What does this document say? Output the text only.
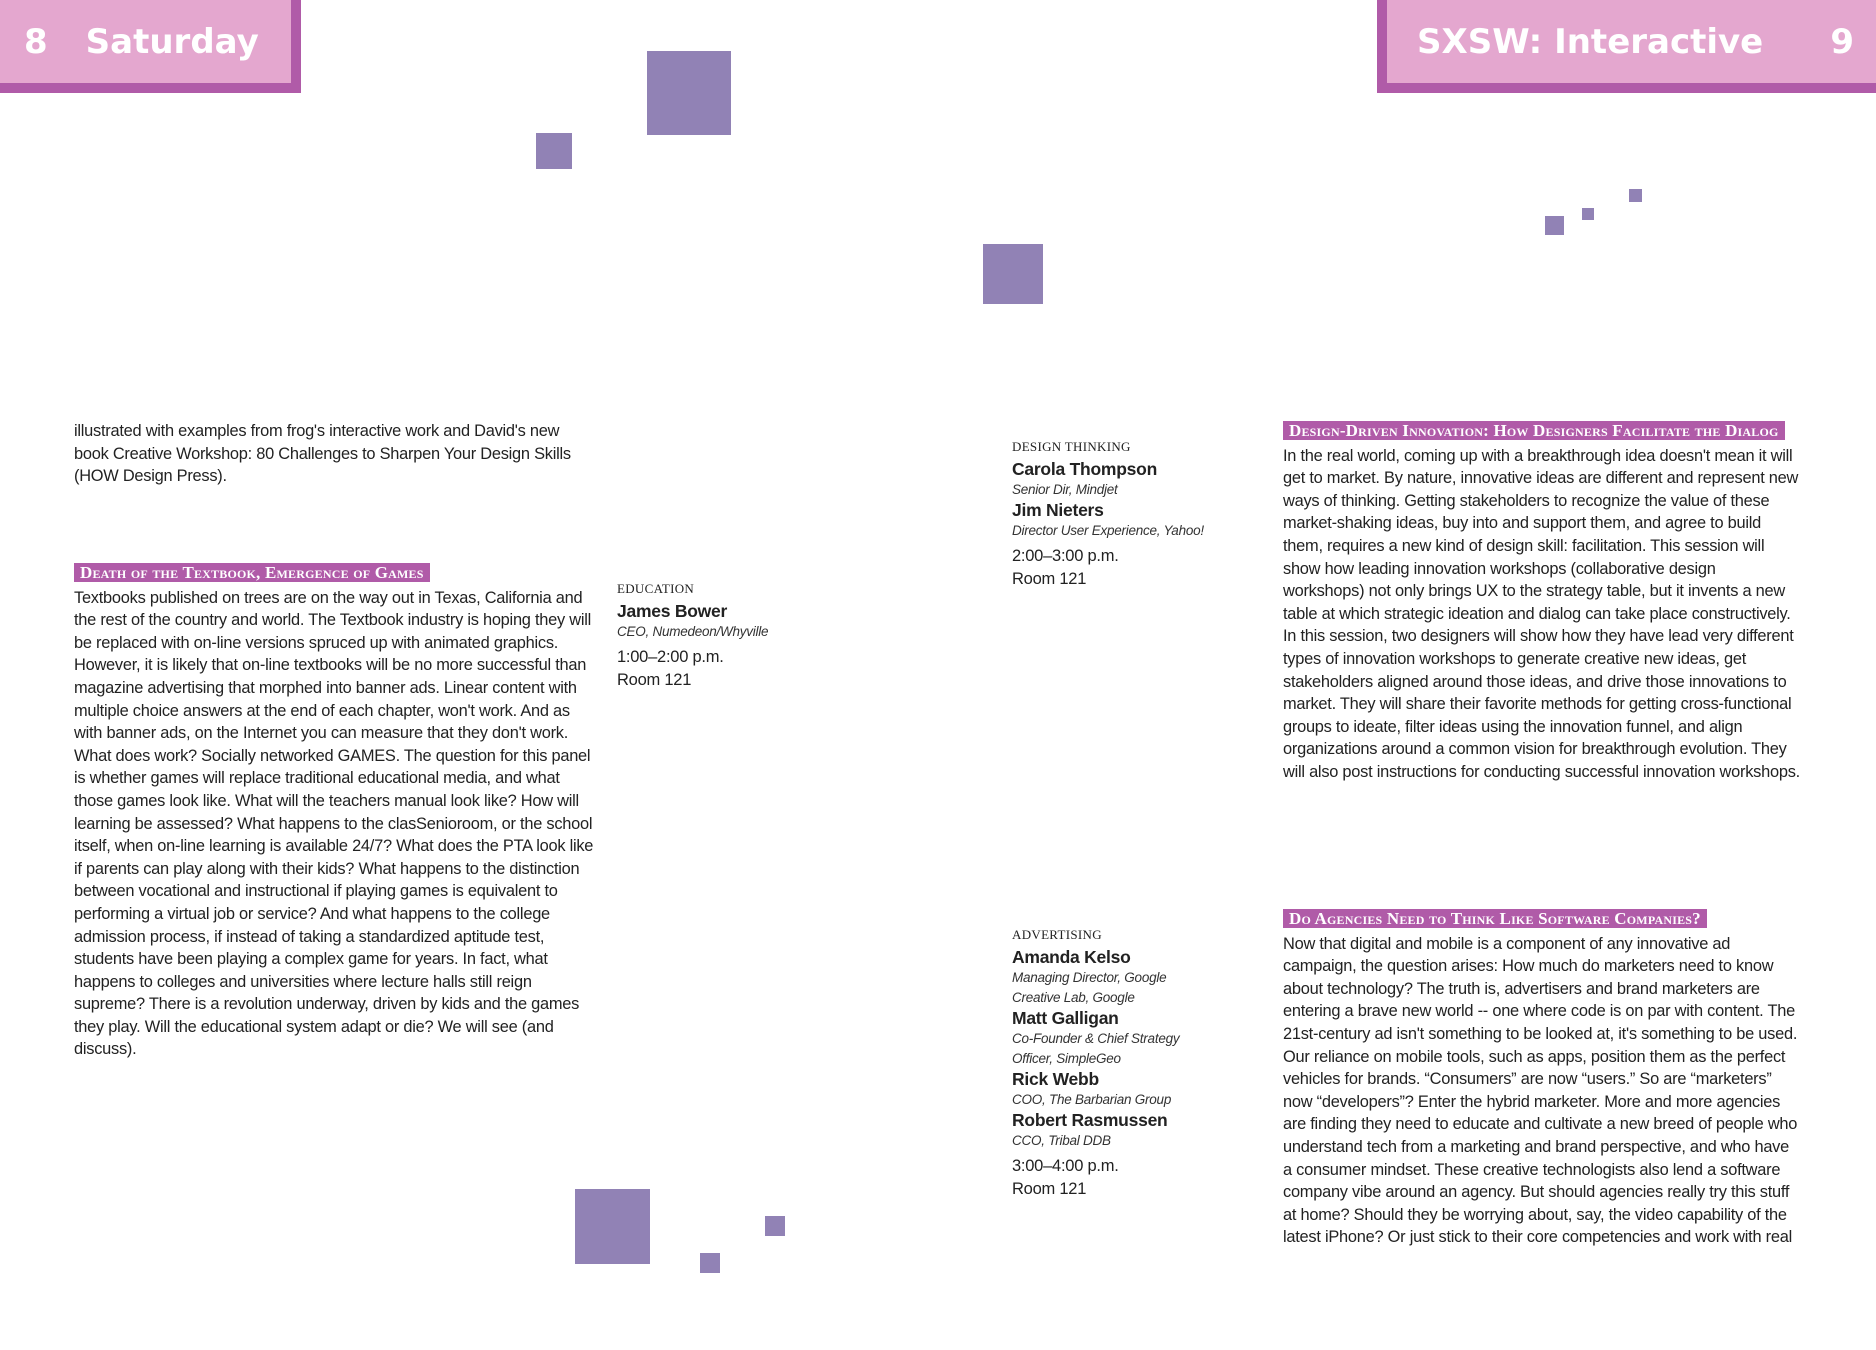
8 Saturday	SXSW: Interactive 9
illustrated with examples from frog's interactive work and David's new book Creative Workshop: 80 Challenges to Sharpen Your Design Skills (HOW Design Press).
Death of the Textbook, Emergence of Games
Textbooks published on trees are on the way out in Texas, California and the rest of the country and world. The Textbook industry is hoping they will be replaced with on-line versions spruced up with animated graphics. However, it is likely that on-line textbooks will be no more successful than magazine advertising that morphed into banner ads. Linear content with multiple choice answers at the end of each chapter, won't work. And as with banner ads, on the Internet you can measure that they don't work. What does work? Socially networked GAMES. The question for this panel is whether games will replace traditional educational media, and what those games look like. What will the teachers manual look like? How will learning be assessed? What happens to the clasSenioroom, or the school itself, when on-line learning is available 24/7? What does the PTA look like if parents can play along with their kids? What happens to the distinction between vocational and instructional if playing games is equivalent to performing a virtual job or service? And what happens to the college admission process, if instead of taking a standardized aptitude test, students have been playing a complex game for years. In fact, what happens to colleges and universities where lecture halls still reign supreme? There is a revolution underway, driven by kids and the games they play. Will the educational system adapt or die? We will see (and discuss).
EDUCATION
James Bower
CEO, Numedeon/Whyville
1:00–2:00 p.m.
Room 121
DESIGN THINKING
Carola Thompson
Senior Dir, Mindjet
Jim Nieters
Director User Experience, Yahoo!
2:00–3:00 p.m.
Room 121
Design-Driven Innovation: How Designers Facilitate the Dialog
In the real world, coming up with a breakthrough idea doesn't mean it will get to market. By nature, innovative ideas are different and represent new ways of thinking. Getting stakeholders to recognize the value of these market-shaking ideas, buy into and support them, and agree to build them, requires a new kind of design skill: facilitation. This session will show how leading innovation workshops (collaborative design workshops) not only brings UX to the strategy table, but it invents a new table at which strategic ideation and dialog can take place constructively. In this session, two designers will show how they have lead very different types of innovation workshops to generate creative new ideas, get stakeholders aligned around those ideas, and drive those innovations to market. They will share their favorite methods for getting cross-functional groups to ideate, filter ideas using the innovation funnel, and align organizations around a common vision for breakthrough evolution. They will also post instructions for conducting successful innovation workshops.
ADVERTISING
Amanda Kelso
Managing Director, Google Creative Lab, Google
Matt Galligan
Co-Founder & Chief Strategy Officer, SimpleGeo
Rick Webb
COO, The Barbarian Group
Robert Rasmussen
CCO, Tribal DDB
3:00–4:00 p.m.
Room 121
Do Agencies Need to Think Like Software Companies?
Now that digital and mobile is a component of any innovative ad campaign, the question arises: How much do marketers need to know about technology? The truth is, advertisers and brand marketers are entering a brave new world -- one where code is on par with content. The 21st-century ad isn't something to be looked at, it's something to be used. Our reliance on mobile tools, such as apps, position them as the perfect vehicles for brands. “Consumers” are now “users.” So are “marketers” now “developers”? Enter the hybrid marketer. More and more agencies are finding they need to educate and cultivate a new breed of people who understand tech from a marketing and brand perspective, and who have a consumer mindset. These creative technologists also lend a software company vibe around an agency. But should agencies really try this stuff at home? Should they be worrying about, say, the video capability of the latest iPhone? Or just stick to their core competencies and work with real
